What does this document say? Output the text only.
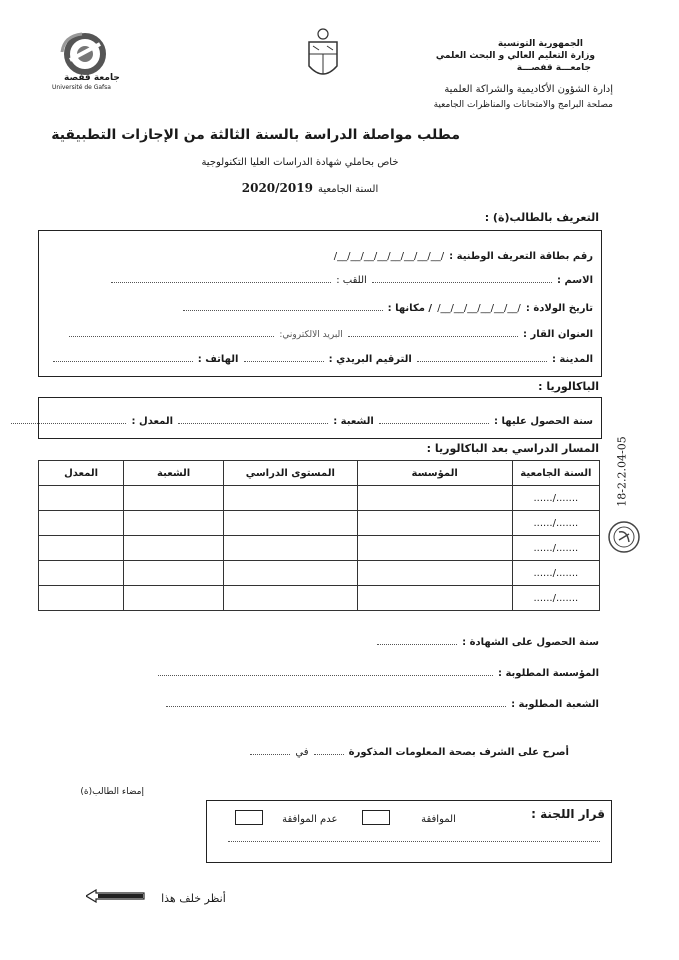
جامعة قفصة
Université de Gafsa
الجمهورية التونسية
وزارة التعليم العالي و البحث العلمي
جامعـــة قفصـــة
إدارة الشؤون الأكاديمية والشراكة العلمية
مصلحة البرامج والامتحانات والمناظرات الجامعية
مطلب مواصلة الدراسة بالسنة الثالثة من الإجازات التطبيقية
خاص بحاملي شهادة الدراسات العليا التكنولوجية
السنة الجامعية 2020/2019
التعريف بالطالب(ة) :
رقم بطاقة التعريف الوطنية : /__/__/__/__/__/__/__/__/
الاسم :  اللقب :
تاريخ الولادة : /__/__/__/__/__/__/ / مكانها :
العنوان القار :  البريد الالكتروني:
المدينة :  الترقيم البريدي :  الهاتف :
الباكالوريا :
سنة الحصول عليها :  الشعبة :  المعدل :
المسار الدراسي بعد الباكالوريا :
السنة الجامعية	المؤسسة	المستوى الدراسي	الشعبة	المعدل
......./......				
......./......				
......./......				
......./......				
......./......				
18-2.2.04-05
سنة الحصول على الشهادة :
المؤسسة المطلوبة :
الشعبة المطلوبة :
أصرح على الشرف بصحة المعلومات المذكورة  في
إمضاء الطالب(ة)
قرار اللجنة :
الموافقة
عدم الموافقة
أنظر خلف هذا
